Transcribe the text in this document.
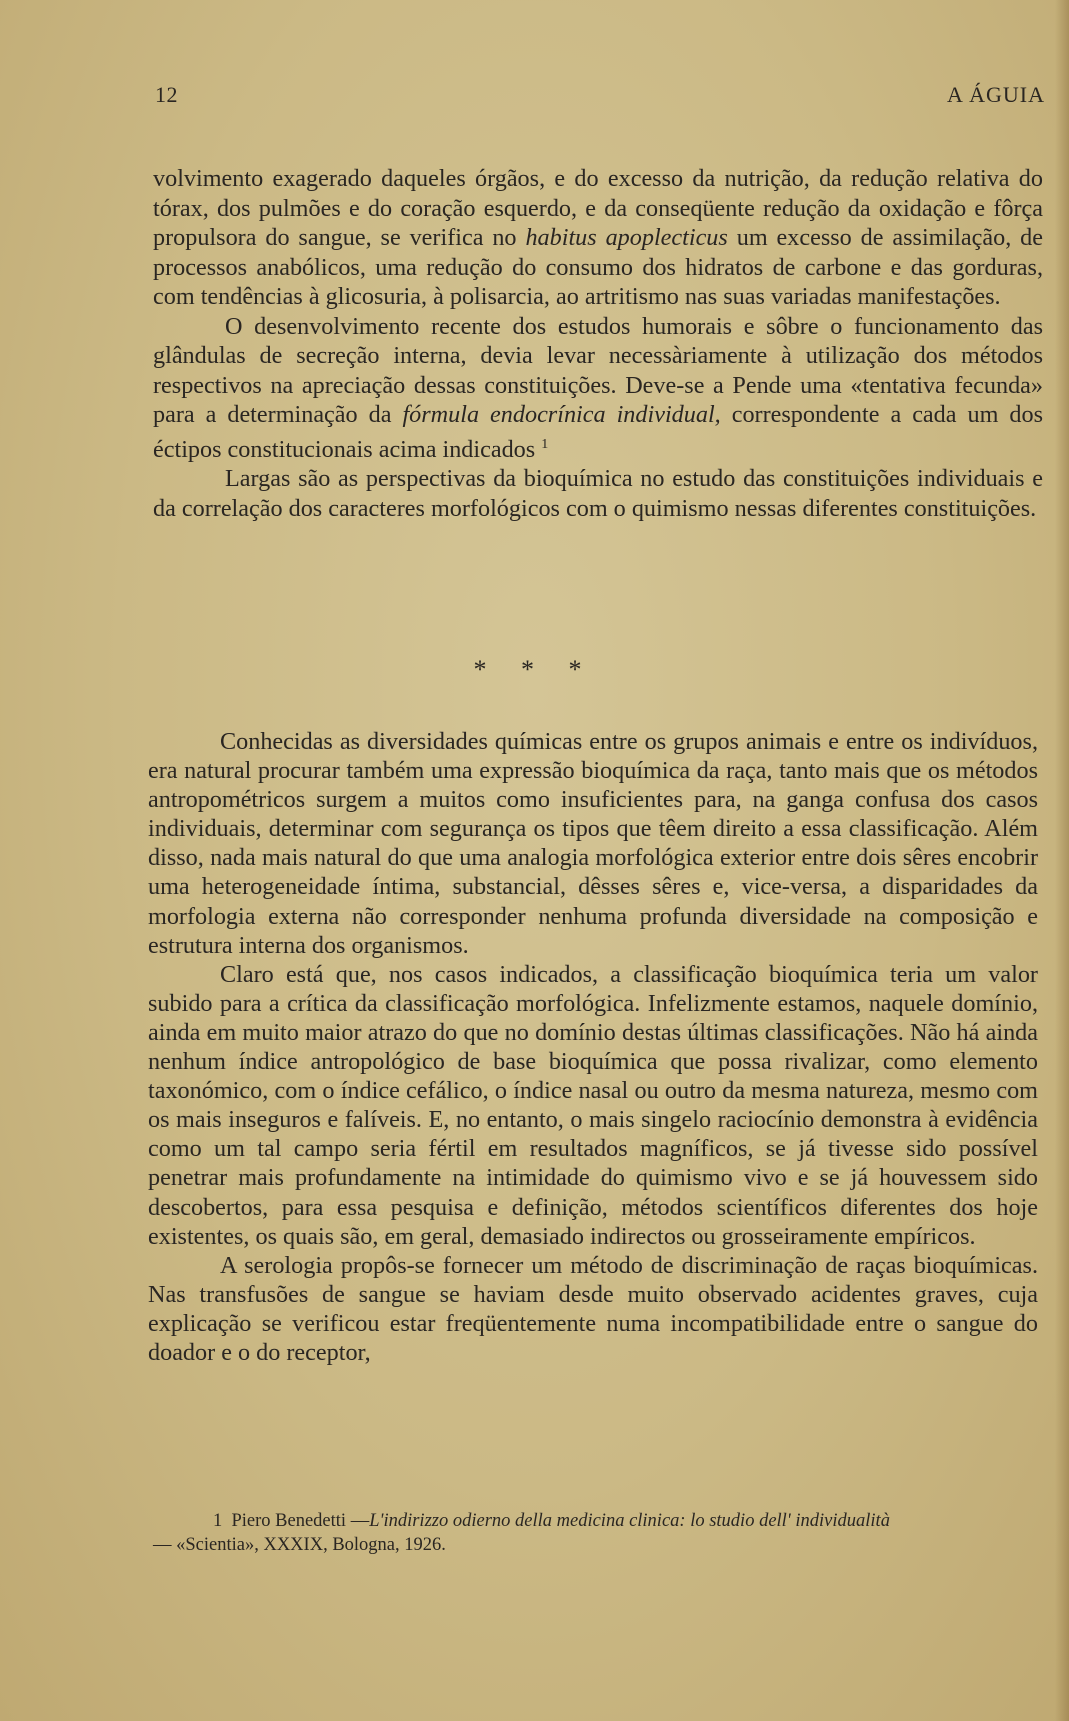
12	A ÁGUIA

volvimento exagerado daqueles órgãos, e do excesso da nutrição, da redução relativa do tórax, dos pulmões e do coração esquerdo, e da conseqüente redução da oxidação e fôrça propulsora do sangue, se verifica no habitus apoplecticus um excesso de assimilação, de processos anabólicos, uma redução do consumo dos hidratos de carbone e das gorduras, com tendências à glicosuria, à polisarcia, ao artritismo nas suas variadas manifestações.

O desenvolvimento recente dos estudos humorais e sôbre o funcionamento das glândulas de secreção interna, devia levar necessàriamente à utilização dos métodos respectivos na apreciação dessas constituições. Deve-se a Pende uma «tentativa fecunda» para a determinação da fórmula endocrínica individual, correspondente a cada um dos éctipos constitucionais acima indicados $^1$

Largas são as perspectivas da bioquímica no estudo das constituições individuais e da correlação dos caracteres morfológicos com o quimismo nessas diferentes constituições.

* * *

Conhecidas as diversidades químicas entre os grupos animais e entre os indivíduos, era natural procurar também uma expressão bioquímica da raça, tanto mais que os métodos antropométricos surgem a muitos como insuficientes para, na ganga confusa dos casos individuais, determinar com segurança os tipos que têem direito a essa classificação. Além disso, nada mais natural do que uma analogia morfológica exterior entre dois sêres encobrir uma heterogeneidade íntima, substancial, dêsses sêres e, vice-versa, a disparidades da morfologia externa não corresponder nenhuma profunda diversidade na composição e estrutura interna dos organismos.

Claro está que, nos casos indicados, a classificação bioquímica teria um valor subido para a crítica da classificação morfológica. Infelizmente estamos, naquele domínio, ainda em muito maior atrazo do que no domínio destas últimas classificações. Não há ainda nenhum índice antropológico de base bioquímica que possa rivalizar, como elemento taxonómico, com o índice cefálico, o índice nasal ou outro da mesma natureza, mesmo com os mais inseguros e falíveis. E, no entanto, o mais singelo raciocínio demonstra à evidência como um tal campo seria fértil em resultados magníficos, se já tivesse sido possível penetrar mais profundamente na intimidade do quimismo vivo e se já houvessem sido descobertos, para essa pesquisa e definição, métodos scientíficos diferentes dos hoje existentes, os quais são, em geral, demasiado indirectos ou grosseiramente empíricos.

A serologia propôs-se fornecer um método de discriminação de raças bioquímicas. Nas transfusões de sangue se haviam desde muito observado acidentes graves, cuja explicação se verificou estar freqüentemente numa incompatibilidade entre o sangue do doador e o do receptor,

1 Piero Benedetti —L'indirizzo odierno della medicina clinica: lo studio dell' individualità

— «Scientia», XXXIX, Bologna, 1926.
